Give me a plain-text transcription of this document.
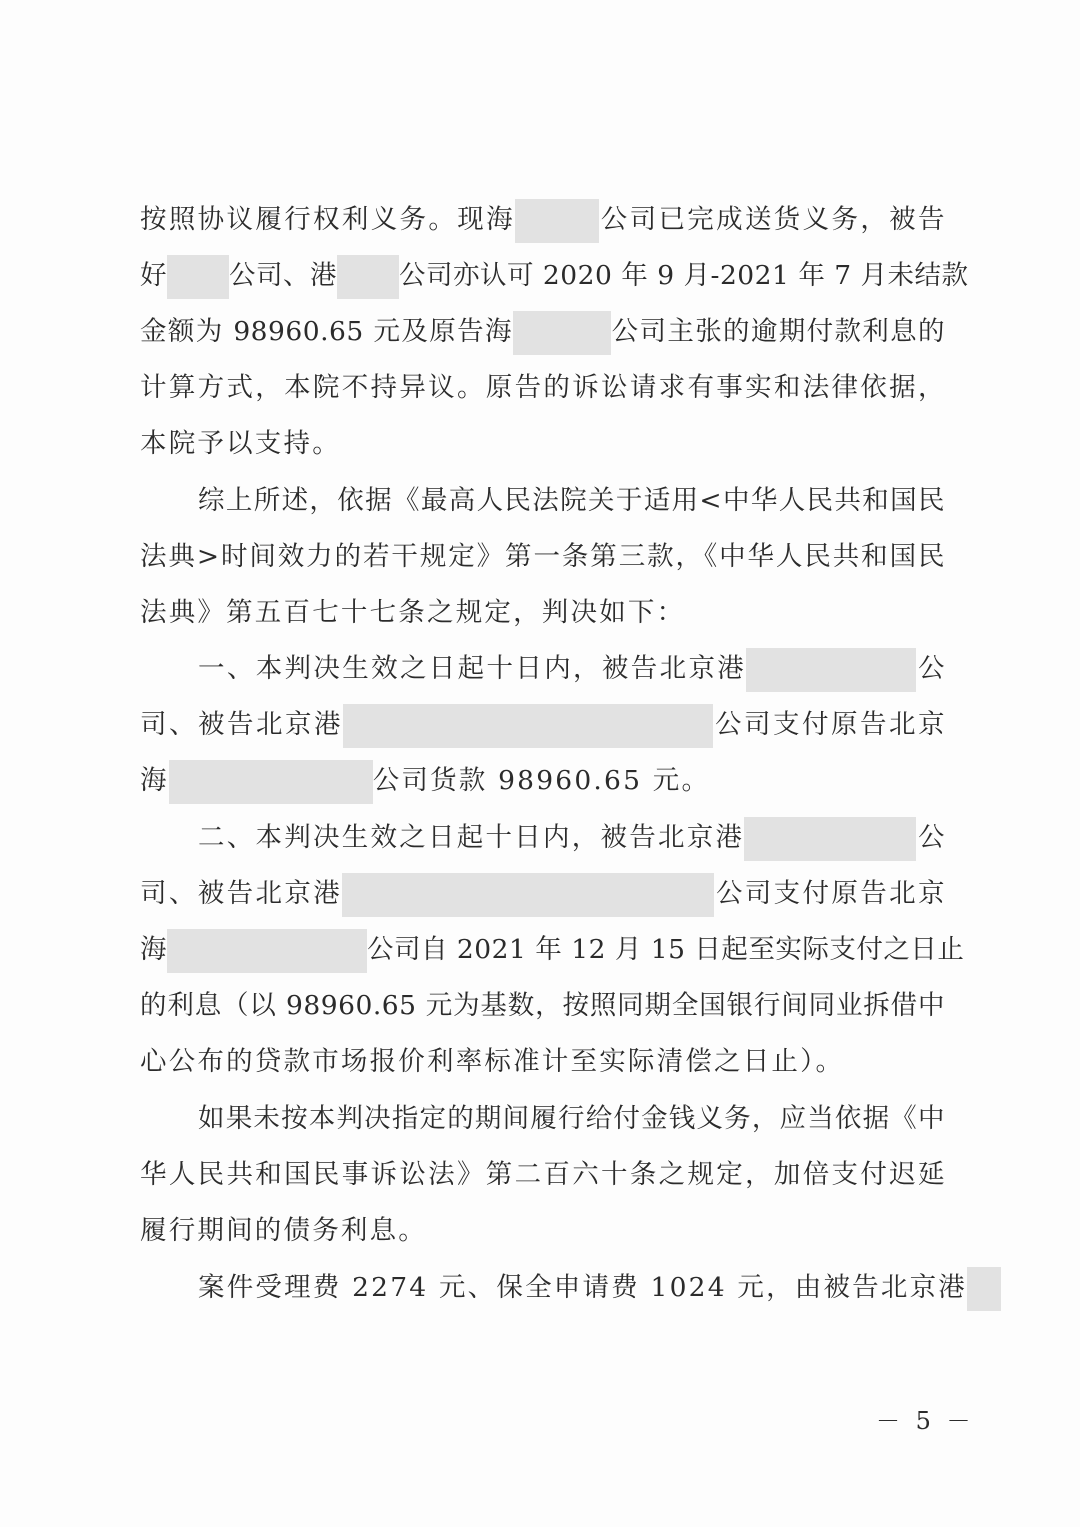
按照协议履行权利义务。现海	公司已完成送货义务，被告
好 公司、港 公司亦认可 2020 年 9 月-2021 年 7 月未结款
金额为 98960.65 元及原告海	公司主张的逾期付款利息的
计算方式，本院不持异议。原告的诉讼请求有事实和法律依据，
本院予以支持。
综上所述，依据《最高人民法院关于适用<中华人民共和国民
法典>时间效力的若干规定》第一条第三款，《中华人民共和国民
法典》第五百七十七条之规定，判决如下：
一、本判决生效之日起十日内，被告北京港	公
司、被告北京港	公司支付原告北京
海	公司货款 98960.65 元。
二、本判决生效之日起十日内，被告北京港	公
司、被告北京港	公司支付原告北京
海	公司自 2021 年 12 月 15 日起至实际支付之日止
的利息（以 98960.65 元为基数，按照同期全国银行间同业拆借中
心公布的贷款市场报价利率标准计至实际清偿之日止）。
如果未按本判决指定的期间履行给付金钱义务，应当依据《中
华人民共和国民事诉讼法》第二百六十条之规定，加倍支付迟延
履行期间的债务利息。
案件受理费 2274 元、保全申请费 1024 元，由被告北京港
－ 5 －
